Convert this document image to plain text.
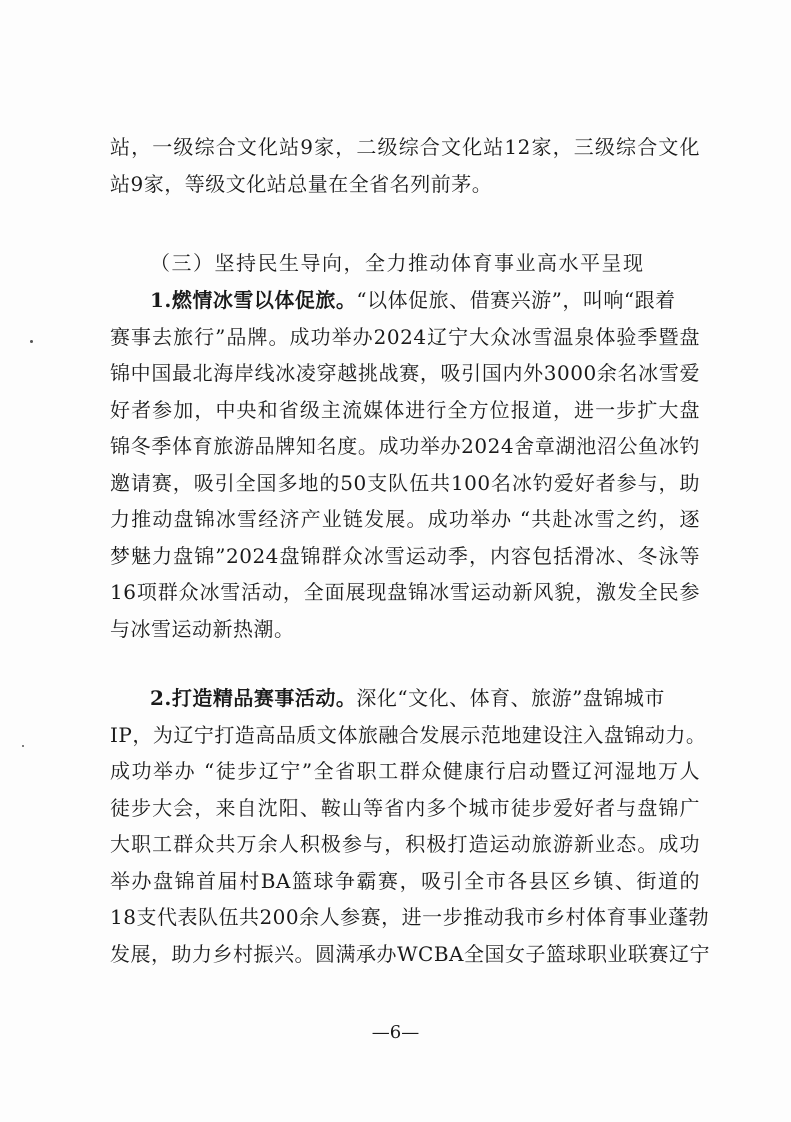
站，一级综合文化站9家，二级综合文化站12家，三级综合文化
站9家，等级文化站总量在全省名列前茅。
（三）坚持民生导向，全力推动体育事业高水平呈现
1.燃情冰雪以体促旅。“以体促旅、借赛兴游”，叫响“跟着
赛事去旅行”品牌。成功举办2024辽宁大众冰雪温泉体验季暨盘
锦中国最北海岸线冰凌穿越挑战赛，吸引国内外3000余名冰雪爱
好者参加，中央和省级主流媒体进行全方位报道，进一步扩大盘
锦冬季体育旅游品牌知名度。成功举办2024舍章湖池沼公鱼冰钓
邀请赛，吸引全国多地的50支队伍共100名冰钓爱好者参与，助
力推动盘锦冰雪经济产业链发展。成功举办 “共赴冰雪之约，逐
梦魅力盘锦”2024盘锦群众冰雪运动季，内容包括滑冰、冬泳等
16项群众冰雪活动，全面展现盘锦冰雪运动新风貌，激发全民参
与冰雪运动新热潮。
2.打造精品赛事活动。深化“文化、体育、旅游”盘锦城市
IP，为辽宁打造高品质文体旅融合发展示范地建设注入盘锦动力。
成功举办 “徒步辽宁”全省职工群众健康行启动暨辽河湿地万人
徒步大会，来自沈阳、鞍山等省内多个城市徒步爱好者与盘锦广
大职工群众共万余人积极参与，积极打造运动旅游新业态。成功
举办盘锦首届村BA篮球争霸赛，吸引全市各县区乡镇、街道的
18支代表队伍共200余人参赛，进一步推动我市乡村体育事业蓬勃
发展，助力乡村振兴。圆满承办WCBA全国女子篮球职业联赛辽宁
—6—
